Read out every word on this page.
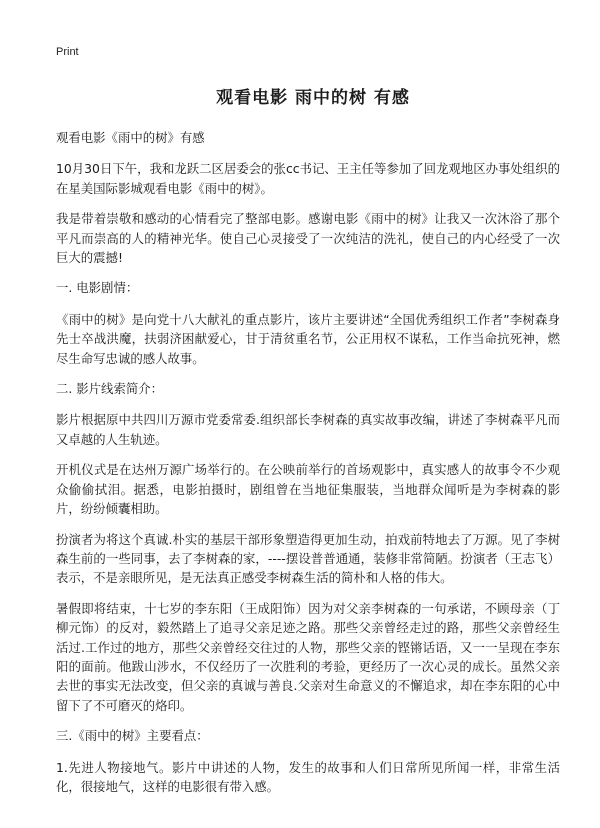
Print
观看电影 雨中的树 有感

观看电影《雨中的树》有感

10月30日下午，我和龙跃二区居委会的张cc书记、王主任等参加了回龙观地区办事处组织的在星美国际影城观看电影《雨中的树》。

我是带着崇敬和感动的心情看完了整部电影。感谢电影《雨中的树》让我又一次沐浴了那个平凡而崇高的人的精神光华。使自己心灵接受了一次纯洁的洗礼，使自己的内心经受了一次巨大的震撼!

一. 电影剧情：

《雨中的树》是向党十八大献礼的重点影片，该片主要讲述“全国优秀组织工作者”李树森身先士卒战洪魔，扶弱济困献爱心，甘于清贫重名节，公正用权不谋私，工作当命抗死神，燃尽生命写忠诚的感人故事。

二. 影片线索简介：

影片根据原中共四川万源市党委常委.组织部长李树森的真实故事改编，讲述了李树森平凡而又卓越的人生轨迹。

开机仪式是在达州万源广场举行的。在公映前举行的首场观影中，真实感人的故事令不少观众偷偷拭泪。据悉，电影拍摄时，剧组曾在当地征集服装，当地群众闻听是为李树森的影片，纷纷倾囊相助。

扮演者为将这个真诚.朴实的基层干部形象塑造得更加生动，拍戏前特地去了万源。见了李树森生前的一些同事，去了李树森的家，----摆设普普通通，装修非常简陋。扮演者（王志飞）表示，不是亲眼所见，是无法真正感受李树森生活的简朴和人格的伟大。

暑假即将结束，十七岁的李东阳（王成阳饰）因为对父亲李树森的一句承诺，不顾母亲（丁柳元饰）的反对，毅然踏上了追寻父亲足迹之路。那些父亲曾经走过的路，那些父亲曾经生活过.工作过的地方，那些父亲曾经交往过的人物，那些父亲的铿锵话语，又一一呈现在李东阳的面前。他跋山涉水，不仅经历了一次胜利的考验，更经历了一次心灵的成长。虽然父亲去世的事实无法改变，但父亲的真诚与善良.父亲对生命意义的不懈追求，却在李东阳的心中留下了不可磨灭的烙印。

三.《雨中的树》主要看点：

1.先进人物接地气。影片中讲述的人物，发生的故事和人们日常所见所闻一样，非常生活化，很接地气，这样的电影很有带入感。
